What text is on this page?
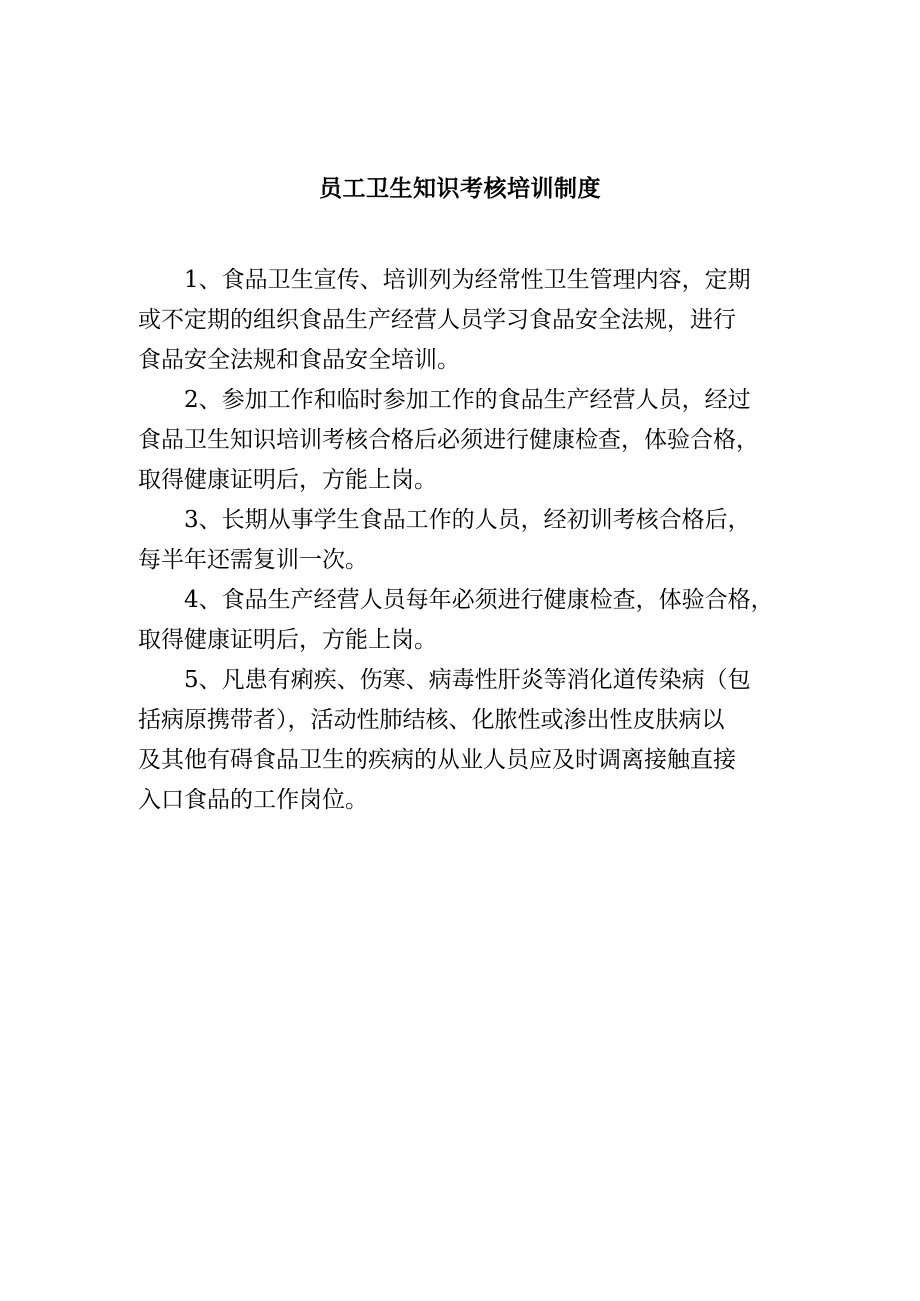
员工卫生知识考核培训制度

1、食品卫生宣传、培训列为经常性卫生管理内容，定期
或不定期的组织食品生产经营人员学习食品安全法规，进行
食品安全法规和食品安全培训。

2、参加工作和临时参加工作的食品生产经营人员，经过
食品卫生知识培训考核合格后必须进行健康检查，体验合格，
取得健康证明后，方能上岗。

3、长期从事学生食品工作的人员，经初训考核合格后，
每半年还需复训一次。

4、食品生产经营人员每年必须进行健康检查，体验合格，
取得健康证明后，方能上岗。

5、凡患有痢疾、伤寒、病毒性肝炎等消化道传染病（包
括病原携带者），活动性肺结核、化脓性或渗出性皮肤病以
及其他有碍食品卫生的疾病的从业人员应及时调离接触直接
入口食品的工作岗位。
